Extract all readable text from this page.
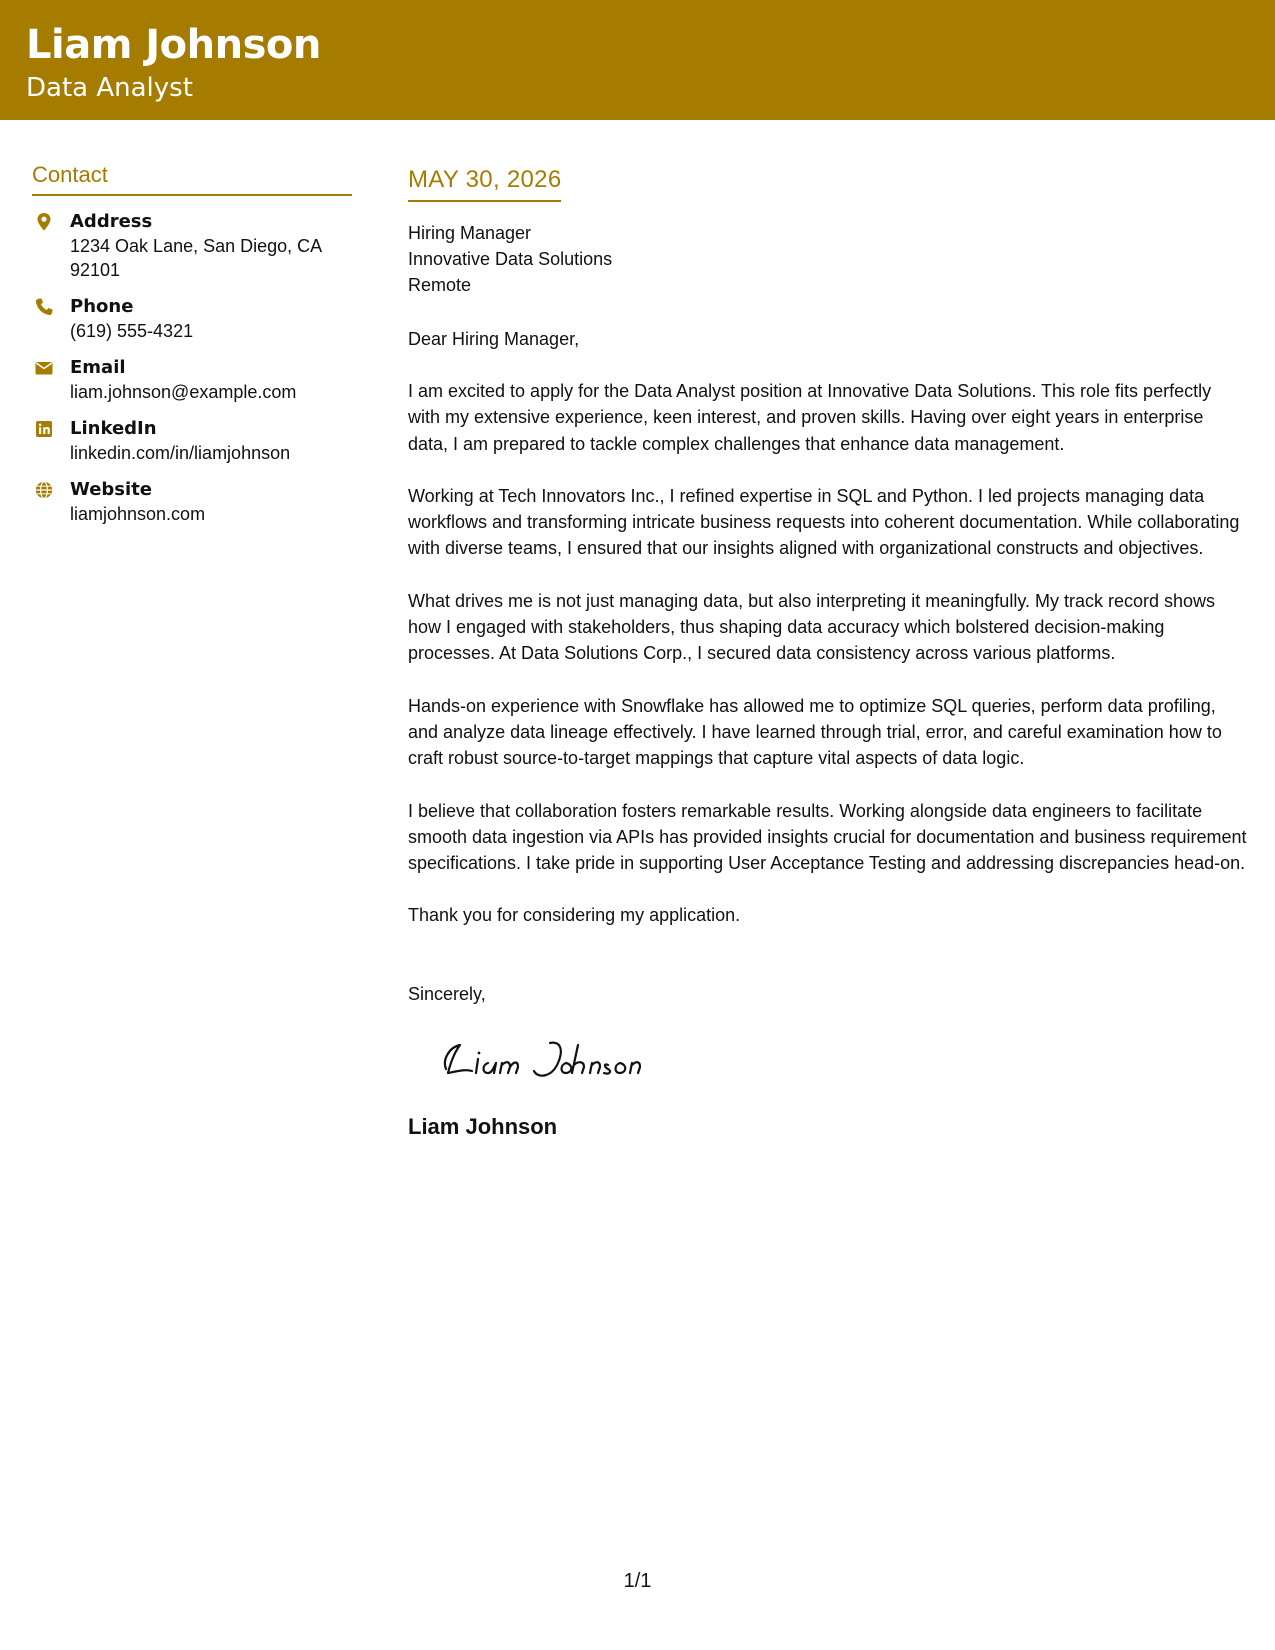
Liam Johnson
Data Analyst
Contact
Address
1234 Oak Lane, San Diego, CA 92101
Phone
(619) 555-4321
Email
liam.johnson@example.com
LinkedIn
linkedin.com/in/liamjohnson
Website
liamjohnson.com
MAY 30, 2026
Hiring Manager
Innovative Data Solutions
Remote
Dear Hiring Manager,
I am excited to apply for the Data Analyst position at Innovative Data Solutions. This role fits perfectly with my extensive experience, keen interest, and proven skills. Having over eight years in enterprise data, I am prepared to tackle complex challenges that enhance data management.
Working at Tech Innovators Inc., I refined expertise in SQL and Python. I led projects managing data workflows and transforming intricate business requests into coherent documentation. While collaborating with diverse teams, I ensured that our insights aligned with organizational constructs and objectives.
What drives me is not just managing data, but also interpreting it meaningfully. My track record shows how I engaged with stakeholders, thus shaping data accuracy which bolstered decision-making processes. At Data Solutions Corp., I secured data consistency across various platforms.
Hands-on experience with Snowflake has allowed me to optimize SQL queries, perform data profiling, and analyze data lineage effectively. I have learned through trial, error, and careful examination how to craft robust source-to-target mappings that capture vital aspects of data logic.
I believe that collaboration fosters remarkable results. Working alongside data engineers to facilitate smooth data ingestion via APIs has provided insights crucial for documentation and business requirement specifications. I take pride in supporting User Acceptance Testing and addressing discrepancies head-on.
Thank you for considering my application.
Sincerely,
Liam Johnson
1/1
